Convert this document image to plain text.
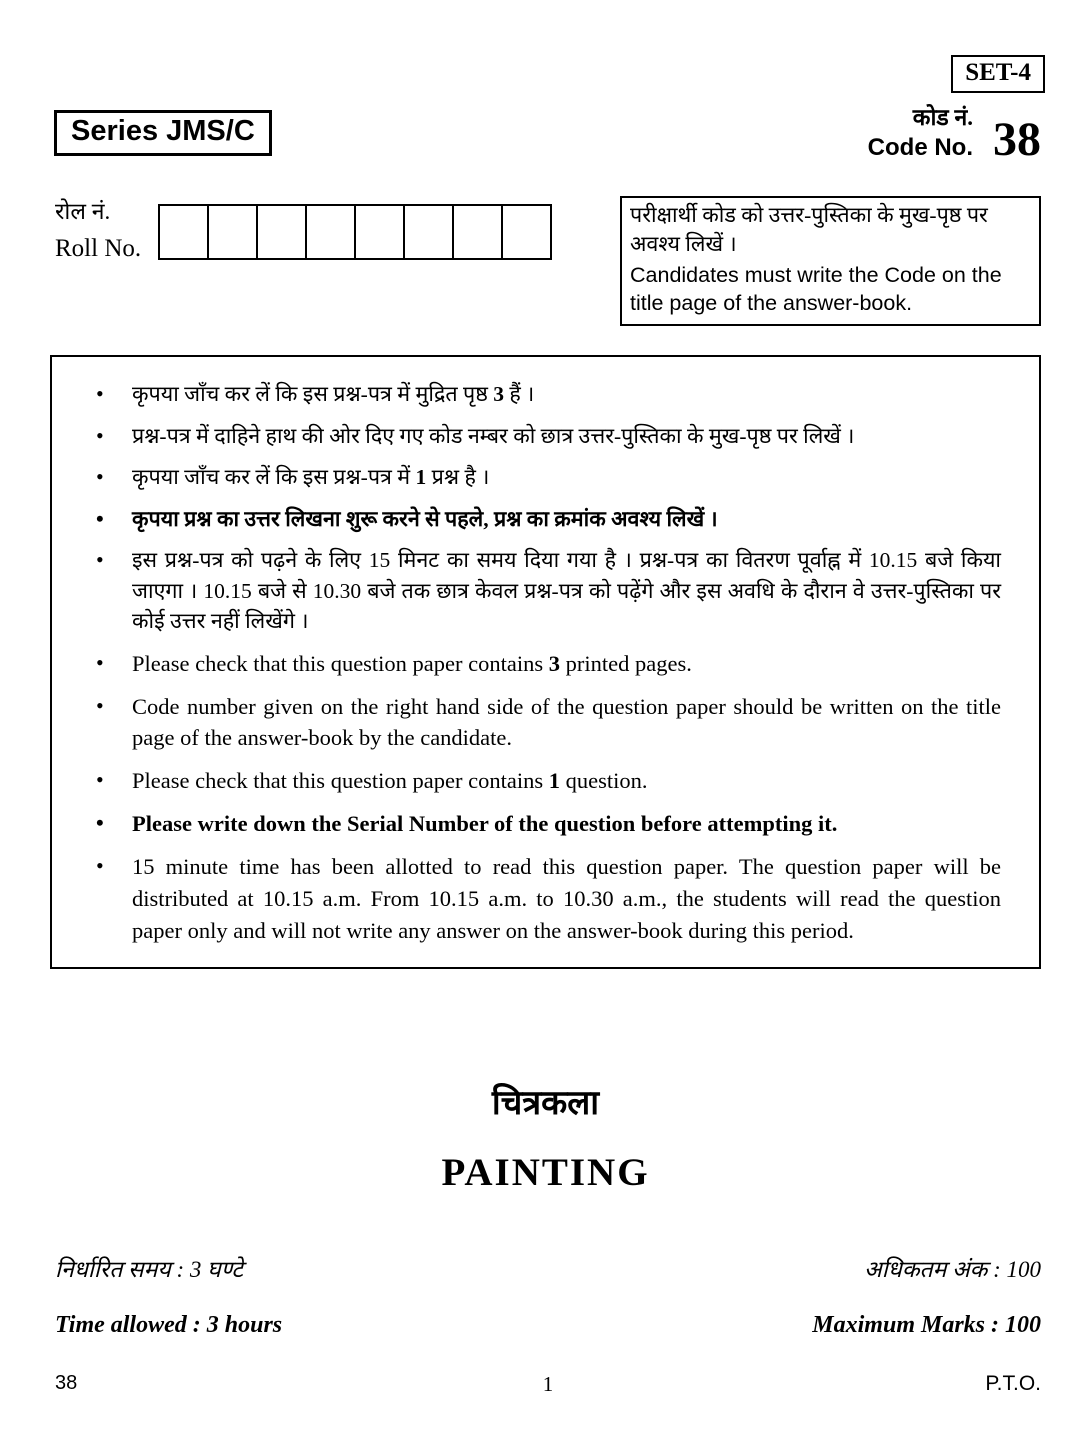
SET-4
Series JMS/C	कोड नं.
Code No. 38
रोल नं.
Roll No.
परीक्षार्थी कोड को उत्तर-पुस्तिका के मुख-पृष्ठ पर अवश्य लिखें ।
Candidates must write the Code on the title page of the answer-book.
• कृपया जाँच कर लें कि इस प्रश्न-पत्र में मुद्रित पृष्ठ 3 हैं ।
• प्रश्न-पत्र में दाहिने हाथ की ओर दिए गए कोड नम्बर को छात्र उत्तर-पुस्तिका के मुख-पृष्ठ पर लिखें ।
• कृपया जाँच कर लें कि इस प्रश्न-पत्र में 1 प्रश्न है ।
• कृपया प्रश्न का उत्तर लिखना शुरू करने से पहले, प्रश्न का क्रमांक अवश्य लिखें ।
• इस प्रश्न-पत्र को पढ़ने के लिए 15 मिनट का समय दिया गया है । प्रश्न-पत्र का वितरण पूर्वाह्न में 10.15 बजे किया जाएगा । 10.15 बजे से 10.30 बजे तक छात्र केवल प्रश्न-पत्र को पढ़ेंगे और इस अवधि के दौरान वे उत्तर-पुस्तिका पर कोई उत्तर नहीं लिखेंगे ।
• Please check that this question paper contains 3 printed pages.
• Code number given on the right hand side of the question paper should be written on the title page of the answer-book by the candidate.
• Please check that this question paper contains 1 question.
• Please write down the Serial Number of the question before attempting it.
• 15 minute time has been allotted to read this question paper. The question paper will be distributed at 10.15 a.m. From 10.15 a.m. to 10.30 a.m., the students will read the question paper only and will not write any answer on the answer-book during this period.
चित्रकला
PAINTING
निर्धारित समय : 3 घण्टे	अधिकतम अंक : 100
Time allowed : 3 hours	Maximum Marks : 100
38	1	P.T.O.
